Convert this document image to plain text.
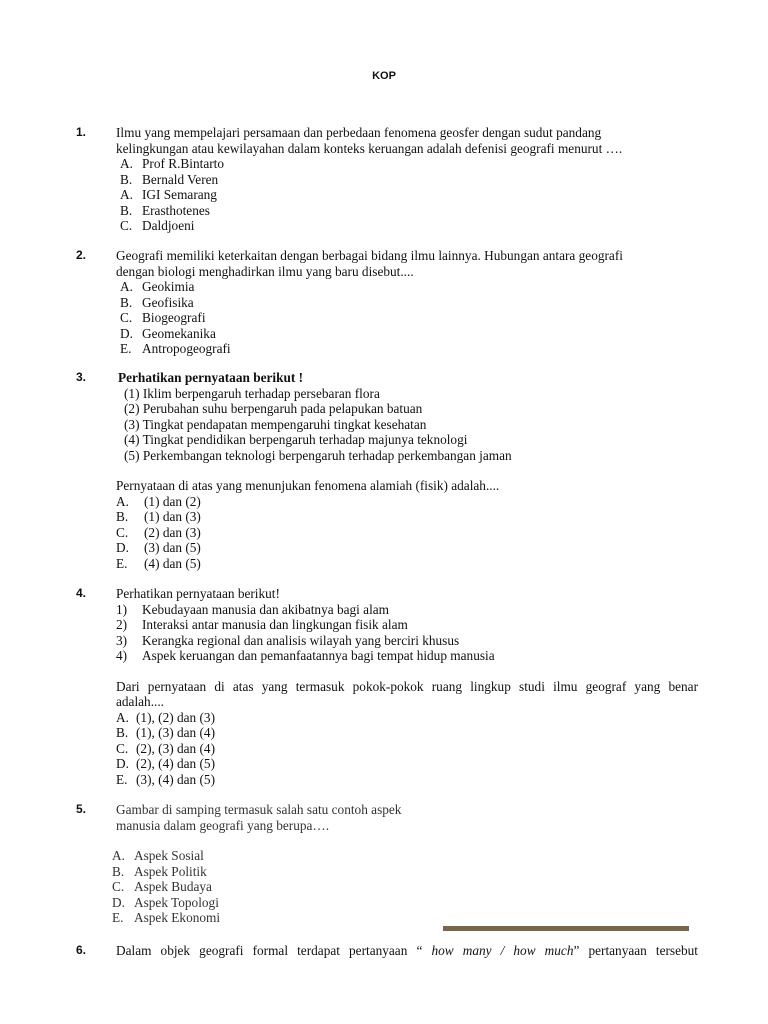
KOP
1. Ilmu yang mempelajari persamaan dan perbedaan fenomena geosfer dengan sudut pandang
kelingkungan atau kewilayahan dalam konteks keruangan adalah defenisi geografi menurut ….
A. Prof R.Bintarto
B. Bernald Veren
A. IGI Semarang
B. Erasthotenes
C. Daldjoeni
2. Geografi memiliki keterkaitan dengan berbagai bidang ilmu lainnya. Hubungan antara geografi
dengan biologi menghadirkan ilmu yang baru disebut....
A. Geokimia
B. Geofisika
C. Biogeografi
D. Geomekanika
E. Antropogeografi
3. Perhatikan pernyataan berikut !
(1) Iklim berpengaruh terhadap persebaran flora
(2) Perubahan suhu berpengaruh pada pelapukan batuan
(3) Tingkat pendapatan mempengaruhi tingkat kesehatan
(4) Tingkat pendidikan berpengaruh terhadap majunya teknologi
(5) Perkembangan teknologi berpengaruh terhadap perkembangan jaman
Pernyataan di atas yang menunjukan fenomena alamiah (fisik) adalah....
A. (1) dan (2)
B. (1) dan (3)
C. (2) dan (3)
D. (3) dan (5)
E. (4) dan (5)
4. Perhatikan pernyataan berikut!
1) Kebudayaan manusia dan akibatnya bagi alam
2) Interaksi antar manusia dan lingkungan fisik alam
3) Kerangka regional dan analisis wilayah yang berciri khusus
4) Aspek keruangan dan pemanfaatannya bagi tempat hidup manusia
Dari pernyataan di atas yang termasuk pokok-pokok ruang lingkup studi ilmu geograf yang benar
adalah....
A. (1), (2) dan (3)
B. (1), (3) dan (4)
C. (2), (3) dan (4)
D. (2), (4) dan (5)
E. (3), (4) dan (5)
5. Gambar di samping termasuk salah satu contoh aspek
manusia dalam geografi yang berupa….
A. Aspek Sosial
B. Aspek Politik
C. Aspek Budaya
D. Aspek Topologi
E. Aspek Ekonomi
6. Dalam objek geografi formal terdapat pertanyaan “ how many / how much” pertanyaan tersebut
